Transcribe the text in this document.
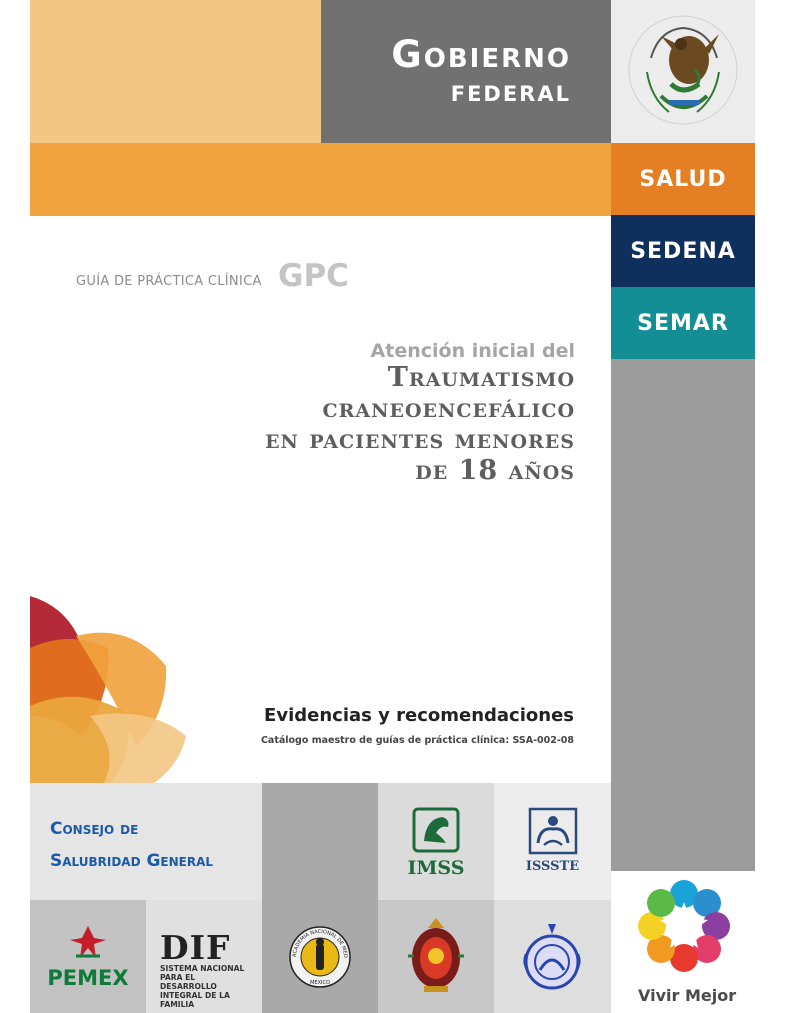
Gobierno
federal
SALUD
SEDENA
SEMAR
GUÍA DE PRÁCTICA CLÍNICA GPC
Atención inicial del
Traumatismo
craneoencefálico
en pacientes menores
de 18 años
Evidencias y recomendaciones
Catálogo maestro de guías de práctica clínica: SSA-002-08
Consejo de
Salubridad General	IMSS	ISSSTE
PEMEX
DIF
SISTEMA NACIONAL PARA EL DESARROLLO INTEGRAL DE LA FAMILIA
ACADEMIA NACIONAL DE MED
MÉXICO
Vivir Mejor
